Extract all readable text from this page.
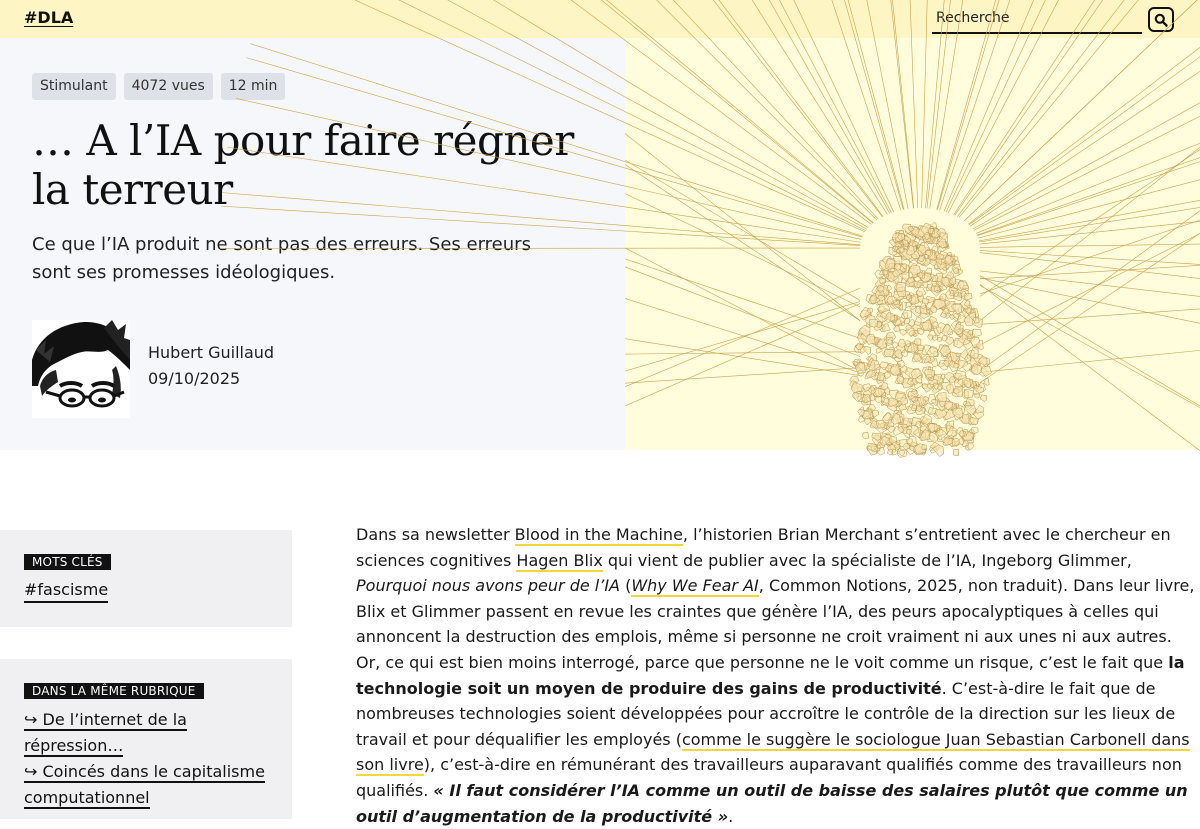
#DLA
Recherche
Stimulant	4072 vues	12 min
… A l’IA pour faire régner la terreur

Ce que l’IA produit ne sont pas des erreurs. Ses erreurs sont ses promesses idéologiques.

Hubert Guillaud
09/10/2025
MOTS CLÉS
#fascisme
DANS LA MÊME RUBRIQUE
↪ De l’internet de la répression…
↪ Coincés dans le capitalisme computationnel

Dans sa newsletter Blood in the Machine, l’historien Brian Merchant s’entretient avec le chercheur en sciences cognitives Hagen Blix qui vient de publier avec la spécialiste de l’IA, Ingeborg Glimmer, Pourquoi nous avons peur de l’IA (Why We Fear AI, Common Notions, 2025, non traduit). Dans leur livre, Blix et Glimmer passent en revue les craintes que génère l’IA, des peurs apocalyptiques à celles qui annoncent la destruction des emplois, même si personne ne croit vraiment ni aux unes ni aux autres. Or, ce qui est bien moins interrogé, parce que personne ne le voit comme un risque, c’est le fait que la technologie soit un moyen de produire des gains de productivité. C’est-à-dire le fait que de nombreuses technologies soient développées pour accroître le contrôle de la direction sur les lieux de travail et pour déqualifier les employés (comme le suggère le sociologue Juan Sebastian Carbonell dans son livre), c’est-à-dire en rémunérant des travailleurs auparavant qualifiés comme des travailleurs non qualifiés. « Il faut considérer l’IA comme un outil de baisse des salaires plutôt que comme un outil d’augmentation de la productivité ».
